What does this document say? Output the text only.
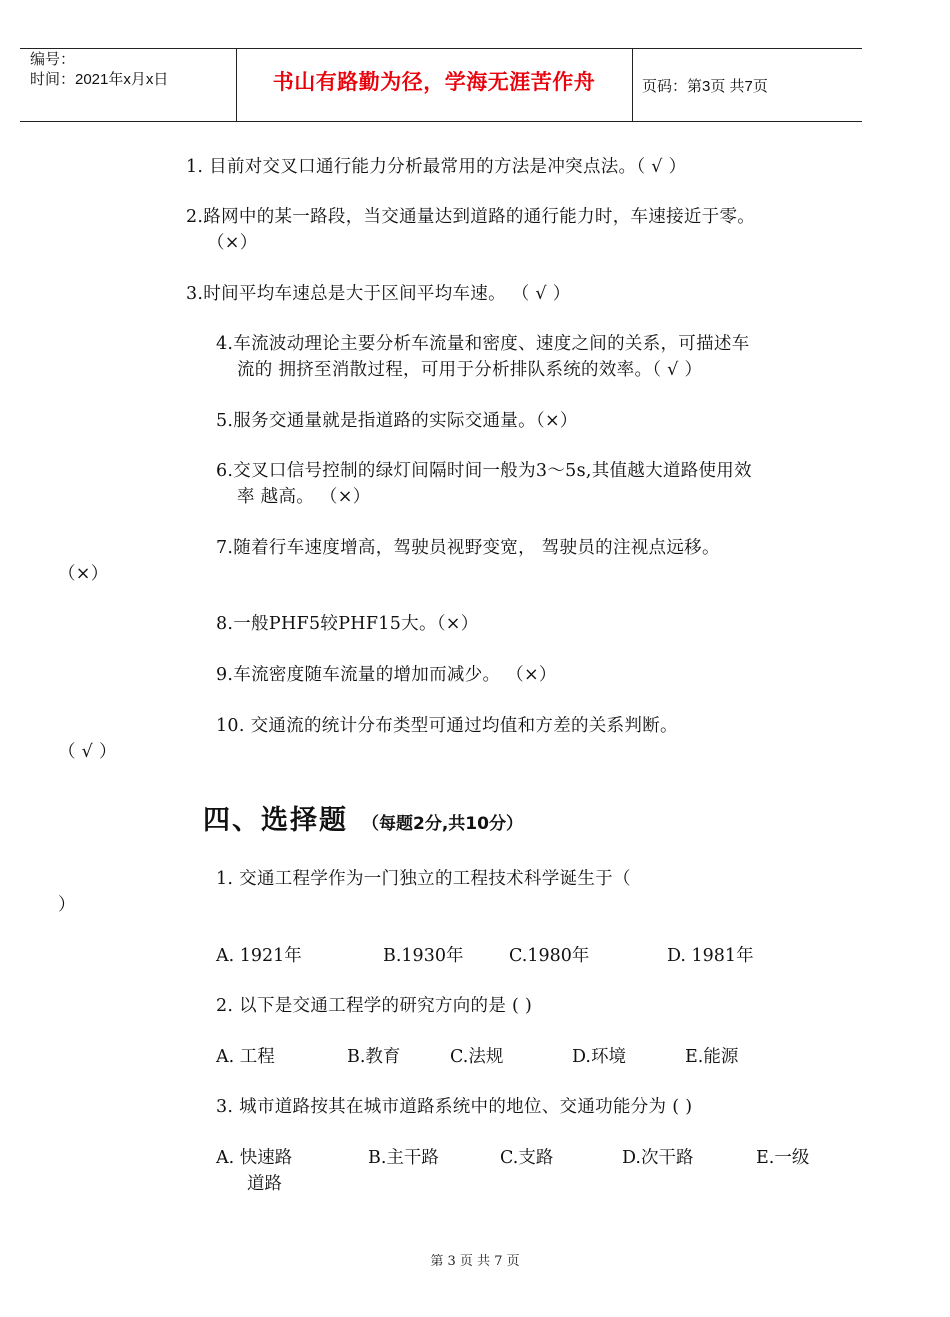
编号：
时间：2021年x月x日	书山有路勤为径，学海无涯苦作舟	页码：第3页 共7页
1. 目前对交叉口通行能力分析最常用的方法是冲突点法。（ √ ）
2.路网中的某一路段，当交通量达到道路的通行能力时，车速接近于零。
（×）
3.时间平均车速总是大于区间平均车速。 （ √ ）
4.车流波动理论主要分析车流量和密度、速度之间的关系，可描述车
流的 拥挤至消散过程，可用于分析排队系统的效率。（ √ ）
5.服务交通量就是指道路的实际交通量。（×）
6.交叉口信号控制的绿灯间隔时间一般为3～5s,其值越大道路使用效
率 越高。 （×）
7.随着行车速度增高，驾驶员视野变宽， 驾驶员的注视点远移。
（×）
8.一般PHF5较PHF15大。（×）
9.车流密度随车流量的增加而减少。 （×）
10. 交通流的统计分布类型可通过均值和方差的关系判断。
（ √ ）
四、选择题 （每题2分,共10分）
1. 交通工程学作为一门独立的工程技术科学诞生于（
）
A. 1921年	B.1930年	C.1980年	D. 1981年
2. 以下是交通工程学的研究方向的是 ( )
A. 工程	B.教育	C.法规	D.环境	E.能源
3. 城市道路按其在城市道路系统中的地位、交通功能分为 ( )
A. 快速路	B.主干路	C.支路	D.次干路	E.一级
道路
第 3 页 共 7 页
